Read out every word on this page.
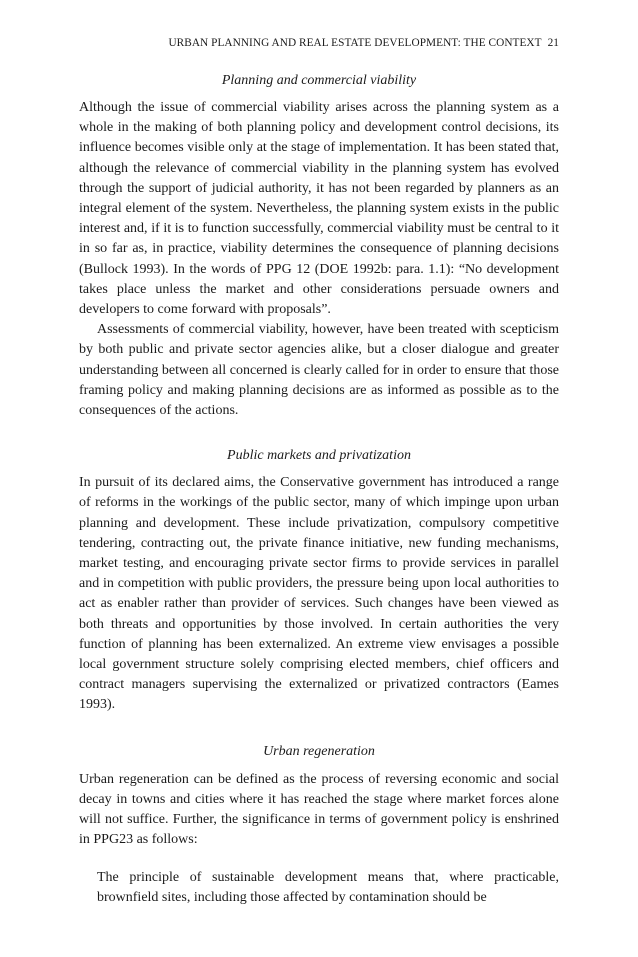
URBAN PLANNING AND REAL ESTATE DEVELOPMENT: THE CONTEXT 21
Planning and commercial viability

Although the issue of commercial viability arises across the planning system as a whole in the making of both planning policy and development control decisions, its influence becomes visible only at the stage of implementation. It has been stated that, although the relevance of commercial viability in the planning system has evolved through the support of judicial authority, it has not been regarded by planners as an integral element of the system. Nevertheless, the planning system exists in the public interest and, if it is to function successfully, commercial viability must be central to it in so far as, in practice, viability determines the consequence of planning decisions (Bullock 1993). In the words of PPG 12 (DOE 1992b: para. 1.1): “No development takes place unless the market and other considerations persuade owners and developers to come forward with proposals”.

Assessments of commercial viability, however, have been treated with scepticism by both public and private sector agencies alike, but a closer dialogue and greater understanding between all concerned is clearly called for in order to ensure that those framing policy and making planning decisions are as informed as possible as to the consequences of the actions.

Public markets and privatization

In pursuit of its declared aims, the Conservative government has introduced a range of reforms in the workings of the public sector, many of which impinge upon urban planning and development. These include privatization, compulsory competitive tendering, contracting out, the private finance initiative, new funding mechanisms, market testing, and encouraging private sector firms to provide services in parallel and in competition with public providers, the pressure being upon local authorities to act as enabler rather than provider of services. Such changes have been viewed as both threats and opportunities by those involved. In certain authorities the very function of planning has been externalized. An extreme view envisages a possible local government structure solely comprising elected members, chief officers and contract managers supervising the externalized or privatized contractors (Eames 1993).

Urban regeneration

Urban regeneration can be defined as the process of reversing economic and social decay in towns and cities where it has reached the stage where market forces alone will not suffice. Further, the significance in terms of government policy is enshrined in PPG23 as follows:

The principle of sustainable development means that, where practicable, brownfield sites, including those affected by contamination should be
